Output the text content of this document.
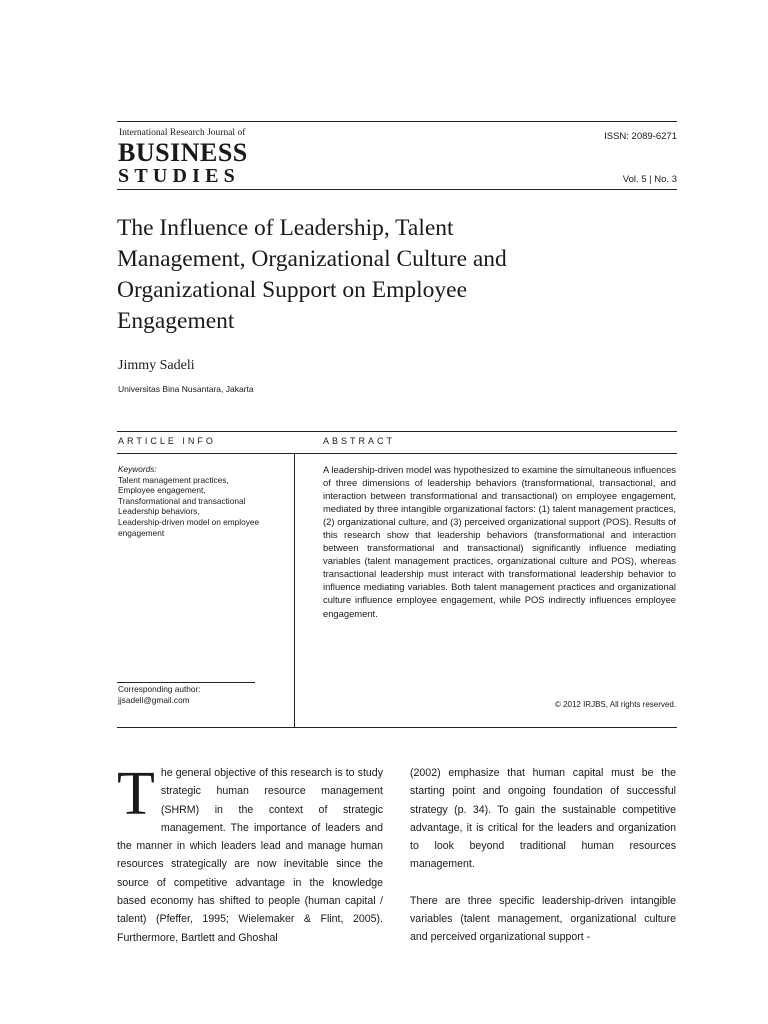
International Research Journal of
BUSINESS
STUDIES
ISSN: 2089-6271
Vol. 5 | No. 3
The Influence of Leadership, Talent Management, Organizational Culture and Organizational Support on Employee Engagement
Jimmy Sadeli
Universitas Bina Nusantara, Jakarta
ARTICLE INFO	ABSTRACT
Keywords:
Talent management practices,
Employee engagement,
Transformational and transactional
Leadership behaviors,
Leadership-driven model on employee
engagement
Corresponding author:
jjsadeli@gmail.com
A leadership-driven model was hypothesized to examine the simultaneous influences of three dimensions of leadership behaviors (transformational, transactional, and interaction between transformational and transactional) on employee engagement, mediated by three intangible organizational factors: (1) talent management practices, (2) organizational culture, and (3) perceived organizational support (POS). Results of this research show that leadership behaviors (transformational and interaction between transformational and transactional) significantly influence mediating variables (talent management practices, organizational culture and POS), whereas transactional leadership must interact with transformational leadership behavior to influence mediating variables. Both talent management practices and organizational culture influence employee engagement, while POS indirectly influences employee engagement.
© 2012 IRJBS, All rights reserved.
T he general objective of this research is to study strategic human resource management (SHRM) in the context of strategic management. The importance of leaders and the manner in which leaders lead and manage human resources strategically are now inevitable since the source of competitive advantage in the knowledge based economy has shifted to people (human capital / talent) (Pfeffer, 1995; Wielemaker & Flint, 2005). Furthermore, Bartlett and Ghoshal

(2002) emphasize that human capital must be the starting point and ongoing foundation of successful strategy (p. 34). To gain the sustainable competitive advantage, it is critical for the leaders and organization to look beyond traditional human resources management.

There are three specific leadership-driven intangible variables (talent management, organizational culture and perceived organizational support -
